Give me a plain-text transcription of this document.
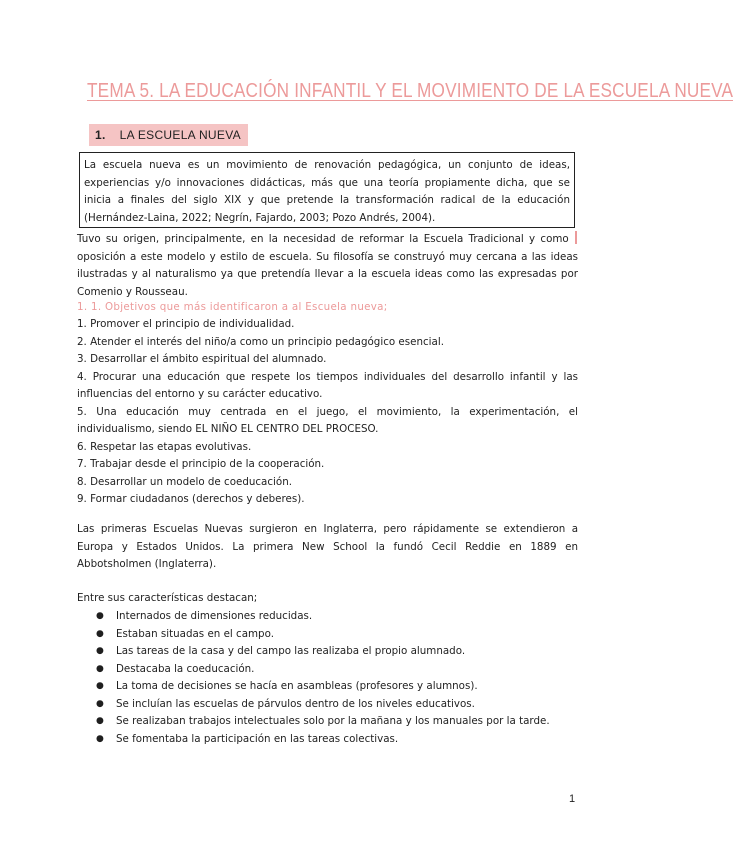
TEMA 5. LA EDUCACIÓN INFANTIL Y EL MOVIMIENTO DE LA ESCUELA NUEVA
1. LA ESCUELA NUEVA
La escuela nueva es un movimiento de renovación pedagógica, un conjunto de ideas, experiencias y/o innovaciones didácticas, más que una teoría propiamente dicha, que se inicia a finales del siglo XIX y que pretende la transformación radical de la educación (Hernández-Laina, 2022; Negrín, Fajardo, 2003; Pozo Andrés, 2004).

Tuvo su origen, principalmente, en la necesidad de reformar la Escuela Tradicional y como oposición a este modelo y estilo de escuela. Su filosofía se construyó muy cercana a las ideas ilustradas y al naturalismo ya que pretendía llevar a la escuela ideas como las expresadas por Comenio y Rousseau.

1. 1. Objetivos que más identificaron a al Escuela nueva;

1. Promover el principio de individualidad.
2. Atender el interés del niño/a como un principio pedagógico esencial.
3. Desarrollar el ámbito espiritual del alumnado.
4. Procurar una educación que respete los tiempos individuales del desarrollo infantil y las influencias del entorno y su carácter educativo.
5. Una educación muy centrada en el juego, el movimiento, la experimentación, el individualismo, siendo EL NIÑO EL CENTRO DEL PROCESO.
6. Respetar las etapas evolutivas.
7. Trabajar desde el principio de la cooperación.
8. Desarrollar un modelo de coeducación.
9. Formar ciudadanos (derechos y deberes).

Las primeras Escuelas Nuevas surgieron en Inglaterra, pero rápidamente se extendieron a Europa y Estados Unidos. La primera New School la fundó Cecil Reddie en 1889 en Abbotsholmen (Inglaterra).

Entre sus características destacan;

●	Internados de dimensiones reducidas.
●	Estaban situadas en el campo.
●	Las tareas de la casa y del campo las realizaba el propio alumnado.
●	Destacaba la coeducación.
●	La toma de decisiones se hacía en asambleas (profesores y alumnos).
●	Se incluían las escuelas de párvulos dentro de los niveles educativos.
●	Se realizaban trabajos intelectuales solo por la mañana y los manuales por la tarde.
●	Se fomentaba la participación en las tareas colectivas.
1
